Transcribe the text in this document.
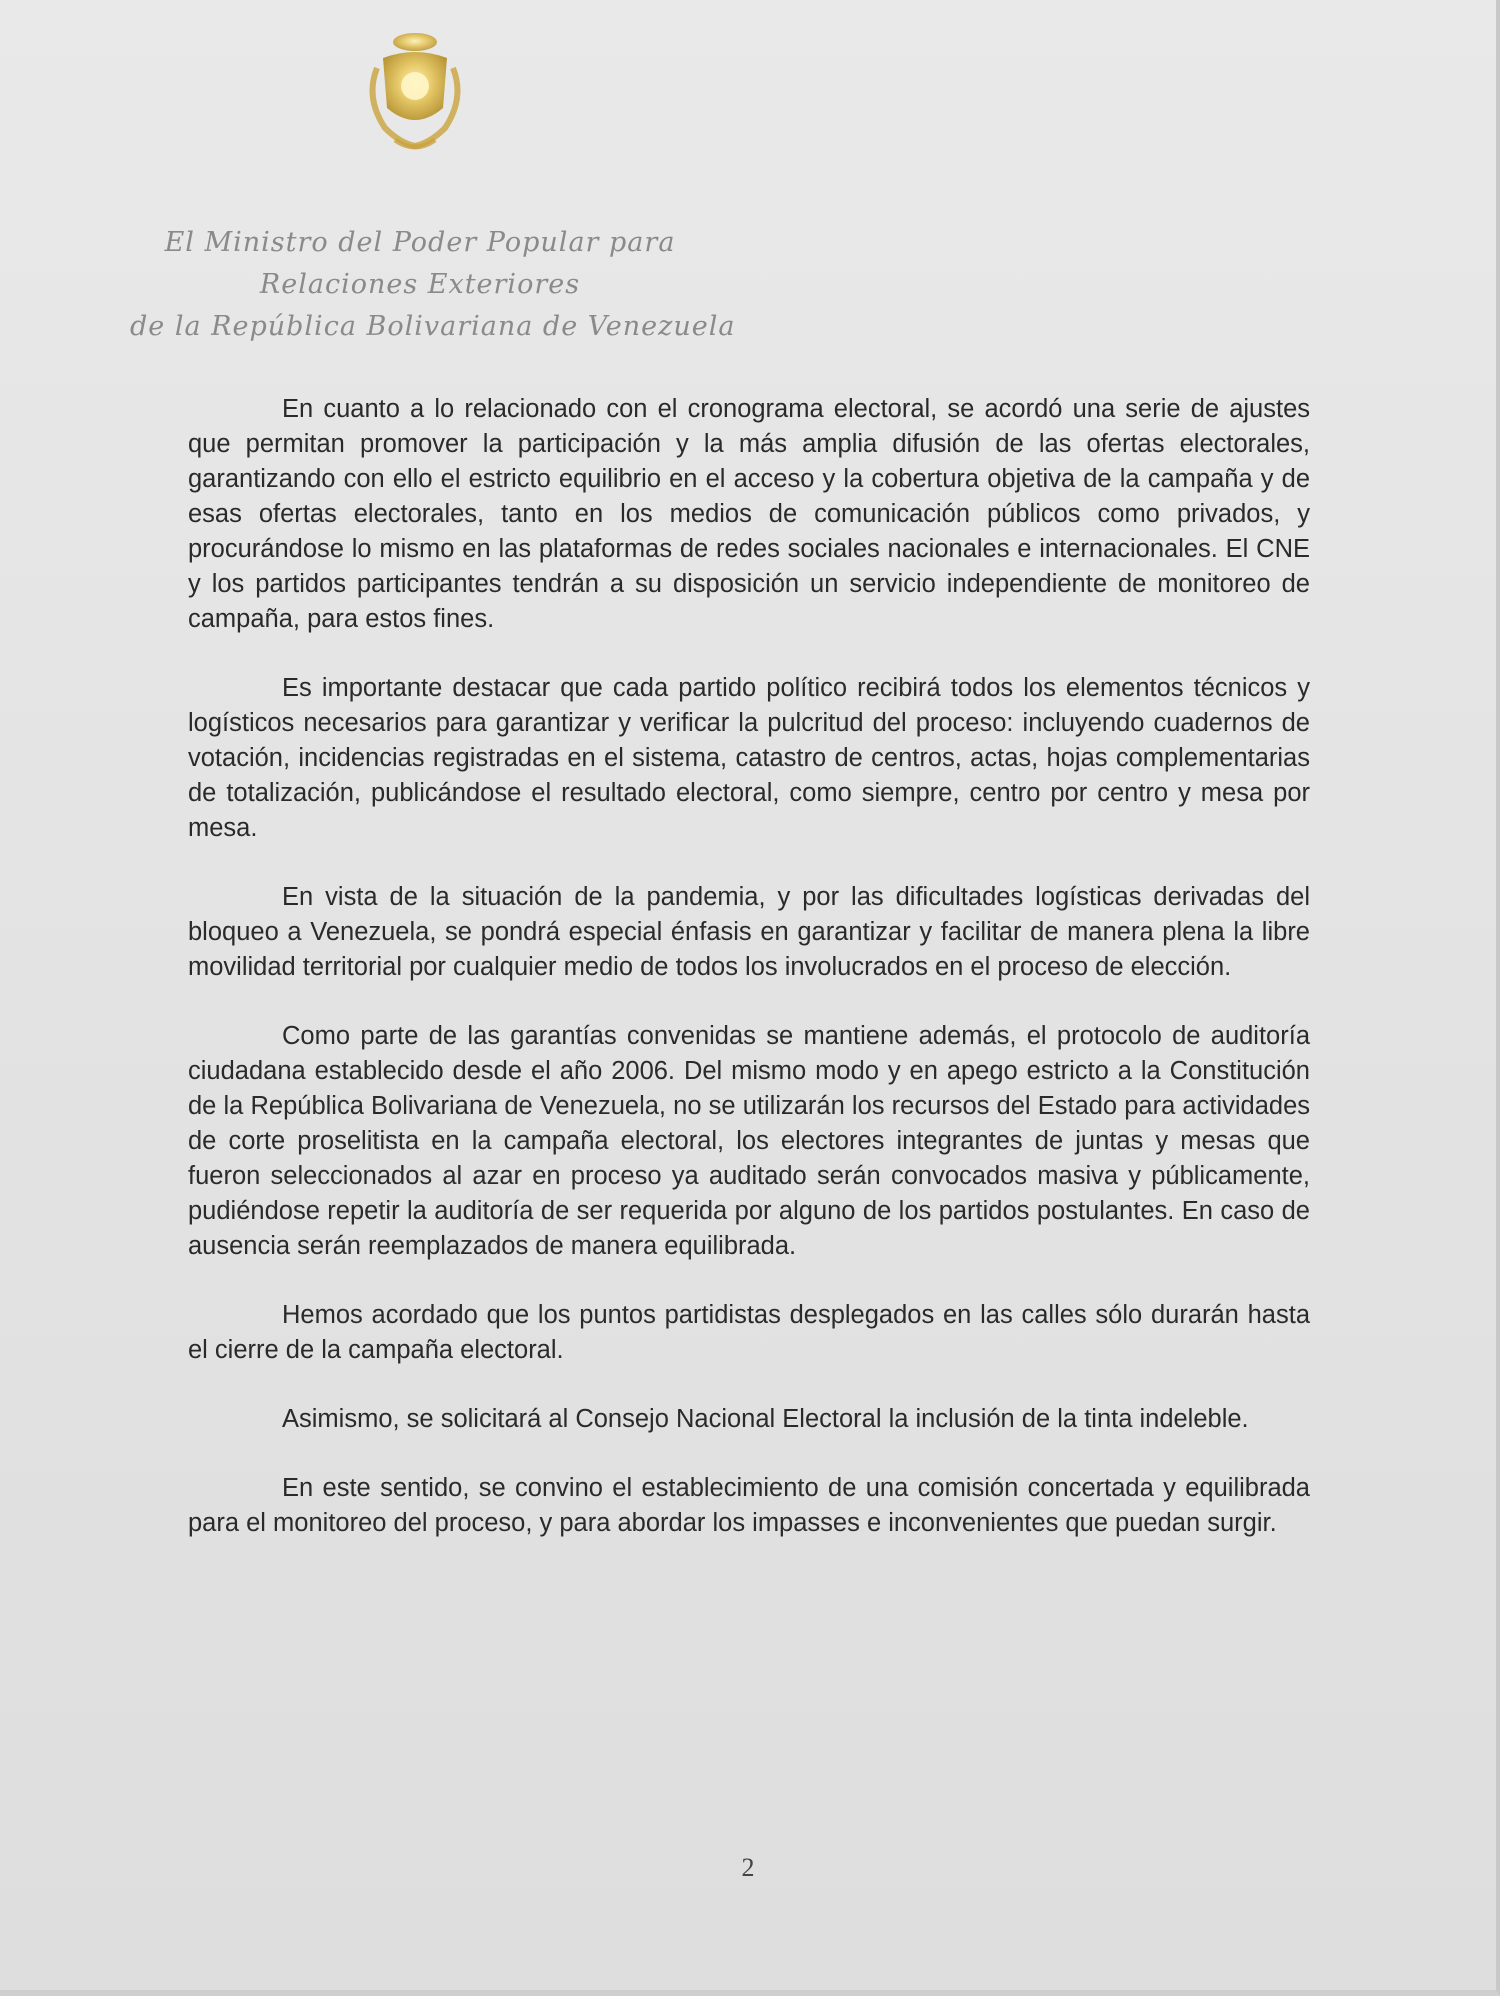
El Ministro del Poder Popular para
Relaciones Exteriores
de la República Bolivariana de Venezuela

En cuanto a lo relacionado con el cronograma electoral, se acordó una serie de ajustes que permitan promover la participación y la más amplia difusión de las ofertas electorales, garantizando con ello el estricto equilibrio en el acceso y la cobertura objetiva de la campaña y de esas ofertas electorales, tanto en los medios de comunicación públicos como privados, y procurándose lo mismo en las plataformas de redes sociales nacionales e internacionales. El CNE y los partidos participantes tendrán a su disposición un servicio independiente de monitoreo de campaña, para estos fines.

Es importante destacar que cada partido político recibirá todos los elementos técnicos y logísticos necesarios para garantizar y verificar la pulcritud del proceso: incluyendo cuadernos de votación, incidencias registradas en el sistema, catastro de centros, actas, hojas complementarias de totalización, publicándose el resultado electoral, como siempre, centro por centro y mesa por mesa.

En vista de la situación de la pandemia, y por las dificultades logísticas derivadas del bloqueo a Venezuela, se pondrá especial énfasis en garantizar y facilitar de manera plena la libre movilidad territorial por cualquier medio de todos los involucrados en el proceso de elección.

Como parte de las garantías convenidas se mantiene además, el protocolo de auditoría ciudadana establecido desde el año 2006. Del mismo modo y en apego estricto a la Constitución de la República Bolivariana de Venezuela, no se utilizarán los recursos del Estado para actividades de corte proselitista en la campaña electoral, los electores integrantes de juntas y mesas que fueron seleccionados al azar en proceso ya auditado serán convocados masiva y públicamente, pudiéndose repetir la auditoría de ser requerida por alguno de los partidos postulantes. En caso de ausencia serán reemplazados de manera equilibrada.

Hemos acordado que los puntos partidistas desplegados en las calles sólo durarán hasta el cierre de la campaña electoral.

Asimismo, se solicitará al Consejo Nacional Electoral la inclusión de la tinta indeleble.

En este sentido, se convino el establecimiento de una comisión concertada y equilibrada para el monitoreo del proceso, y para abordar los impasses e inconvenientes que puedan surgir.

2
